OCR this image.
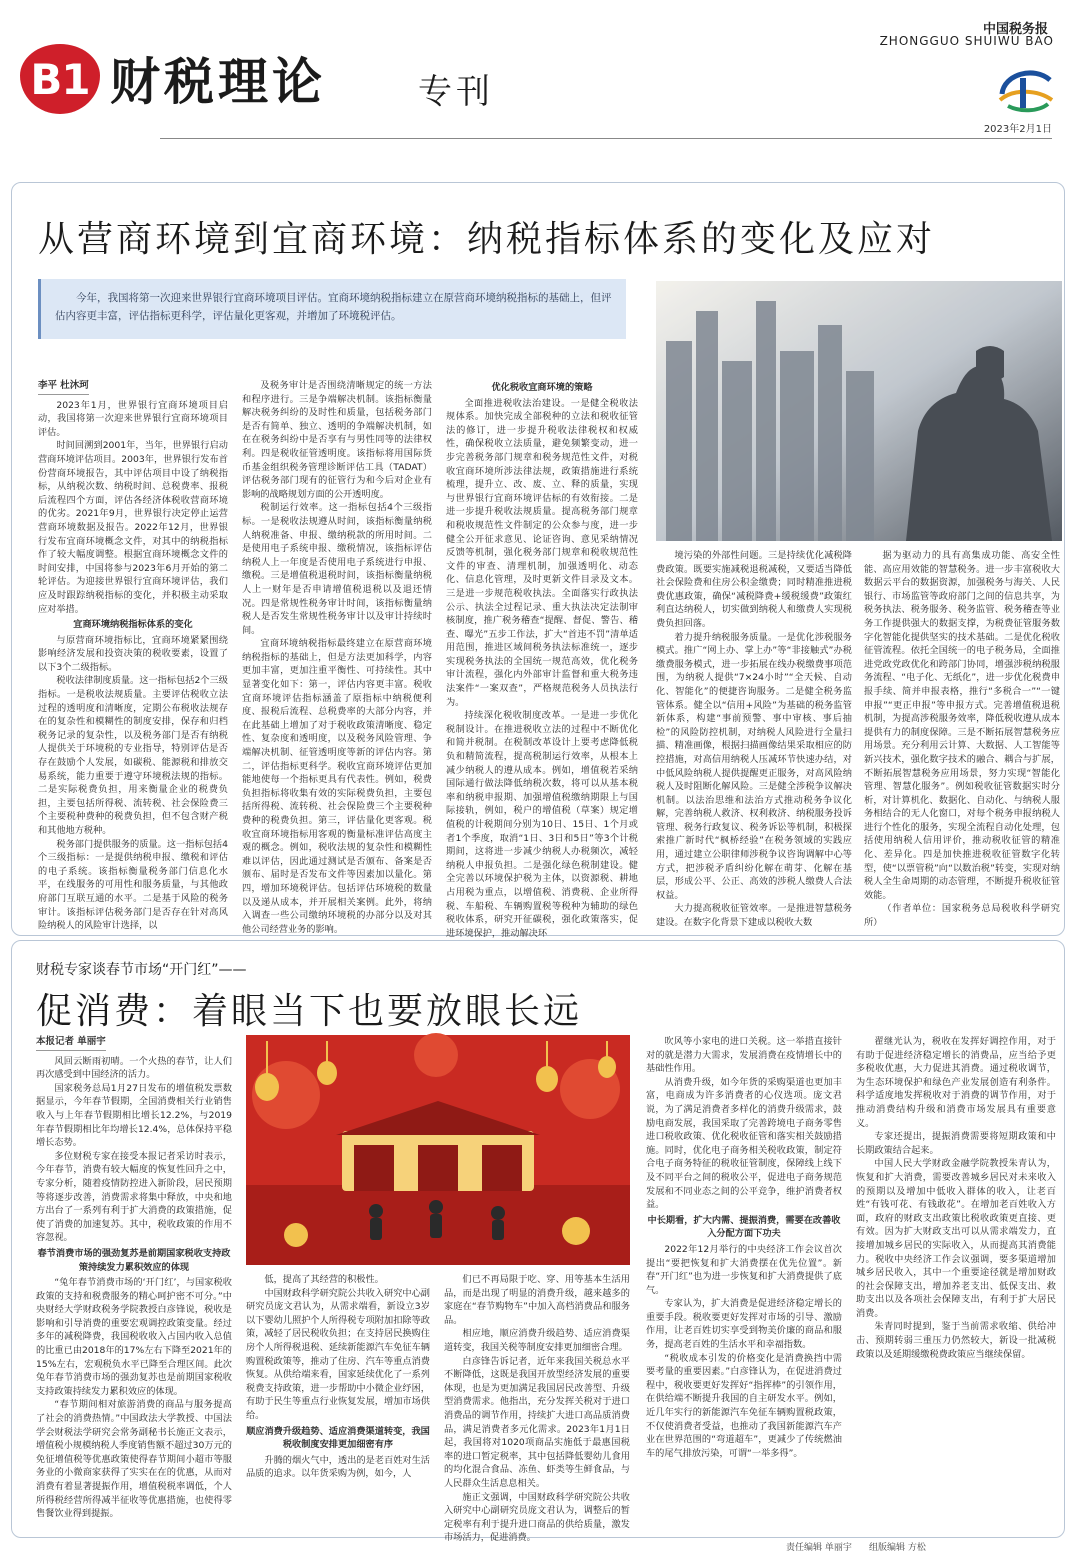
B1 财税理论	专刊
中国税务报
ZHONGGUO SHUIWU BAO
2023年2月1日
从营商环境到宜商环境：纳税指标体系的变化及应对
今年，我国将第一次迎来世界银行宜商环境项目评估。宜商环境纳税指标建立在原营商环境纳税指标的基础上，但评估内容更丰富，评估指标更科学，评估量化更客观，并增加了环境税评估。
李平 杜沐珂

2023年1月，世界银行宜商环境项目启动，我国将第一次迎来世界银行宜商环境项目评估。

时间回溯到2001年，当年，世界银行启动营商环境评估项目。2003年，世界银行发布首份营商环境报告，其中评估项目中设了纳税指标，从纳税次数、纳税时间、总税费率、报税后流程四个方面，评估各经济体税收营商环境的优劣。2021年9月，世界银行决定停止运营营商环境数据及报告。2022年12月，世界银行发布宜商环境概念文件，对其中的纳税指标作了较大幅度调整。根据宜商环境概念文件的时间安排，中国将参与2023年6月开始的第二轮评估。为迎接世界银行宜商环境评估，我们应及时跟踪纳税指标的变化，并积极主动采取应对举措。

宜商环境纳税指标体系的变化

与原营商环境指标比，宜商环境紧紧围绕影响经济发展和投资决策的税收要素，设置了以下3个二级指标。

税收法律制度质量。这一指标包括2个三级指标。一是税收法规质量。主要评估税收立法过程的透明度和清晰度，定期公布税收法规存在的复杂性和模糊性的制度安排，保存和归档税务记录的复杂性，以及税务部门是否有纳税人提供关于环境税的专业指导，特别评估是否存在鼓励个人发展，如碳税、能源税和排放交易系统，能力重要于遵守环境税法规的指标。二是实际税费负担，用来衡量企业的税费负担，主要包括所得税、流转税、社会保险费三个主要税种费种的税费负担，但不包含财产税和其他地方税种。

税务部门提供服务的质量。这一指标包括4个三级指标：一是提供纳税申报、缴税和评估的电子系统。该指标衡量税务部门信息化水平，在线服务的可用性和服务质量，与其他政府部门互联互通的水平。二是基于风险的税务审计。该指标评估税务部门是否存在针对高风险纳税人的风险审计选择，以

及税务审计是否围绕清晰规定的统一方法和程序进行。三是争端解决机制。该指标衡量解决税务纠纷的及时性和质量，包括税务部门是否有简单、独立、透明的争端解决机制，如在在税务纠纷中是否享有与男性同等的法律权利。四是税收征管透明度。该指标将用国际货币基金组织税务管理诊断评估工具（TADAT）评估税务部门现有的征管行为和今后对企业有影响的战略规划方面的公开透明度。

税制运行效率。这一指标包括4个三级指标。一是税收法规遵从时间，该指标衡量纳税人纳税准备、申报、缴纳税款的所用时间。二是使用电子系统申报、缴税情况，该指标评估纳税人上一年度是否使用电子系统进行申报、缴税。三是增值税退税时间，该指标衡量纳税人上一财年是否申请增值税退税以及退还情况。四是常规性税务审计时间，该指标衡量纳税人是否发生常规性税务审计以及审计持续时间。

宜商环境纳税指标最终建立在原营商环境纳税指标的基础上，但是方法更加科学，内容更加丰富，更加注重平衡性、可持续性。其中显著变化如下：第一，评估内容更丰富。税收宜商环境评估指标涵盖了原指标中纳税便利度、报税后流程、总税费率的大部分内容，并在此基础上增加了对于税收政策清晰度、稳定性、复杂度和透明度，以及税务风险管理、争端解决机制、征管透明度等新的评估内容。第二，评估指标更科学。税收宜商环境评估更加能地使每一个指标更具有代表性。例如，税费负担指标将收集有效的实际税费负担，主要包括所得税、流转税、社会保险费三个主要税种费种的税费负担。第三，评估量化更客观。税收宜商环境指标用客观的衡量标准评估高度主观的概念。例如，税收法规的复杂性和模糊性难以评估，因此通过测试是否颁布、备案是否颁布、届时是否发布文件等因素加以量化。第四，增加环境税评估。包括评估环境税的数量以及递从成本，并开展相关案例。此外，将纳入调查一些公司缴纳环境税的办部分以及对其他公司经营业务的影响。

优化税收宜商环境的策略

全面推进税收法治建设。一是健全税收法规体系。加快完成全部税种的立法和税收征管法的修订，进一步提升税收法律税权和权威性，确保税收立法质量，避免频繁变动，进一步完善税务部门规章和税务规范性文件，对税收宜商环境所涉法律法规，政策措施进行系统梳理，提升立、改、废、立、释的质量，实现与世界银行宜商环境评估标的有效衔接。二是进一步提升税收法规质量。提高税务部门规章和税收规范性文件制定的公众参与度，进一步健全公开征求意见、论证咨询、意见采纳情况反馈等机制，强化税务部门规章和税收规范性文件的审查、清理机制，加强透明化、动态化、信息化管理，及时更新文件目录及文本。三是进一步规范税收执法。全面落实行政执法公示、执法全过程记录、重大执法决定法制审核制度，推广税务稽查“提醒、督促、警告、稽查、曝光”五步工作法，扩大“首违不罚”清单适用范围，推进区域间税务执法标准统一，逐步实现税务执法的全国统一规范高效，优化税务审计流程，强化内外部审计监督和重大税务违法案件“一案双查”，严格规范税务人员执法行为。

持续深化税收制度改革。一是进一步优化税制设计。在推进税收立法的过程中不断优化和简并税制。在税制改革设计上要考虑降低税负和精简流程，提高税制运行效率，从根本上减少纳税人的遵从成本。例如，增值税若采纳国际通行做法降低纳税次数，将可以从基本税率和纳税申报期、加强增值税缴纳期限上与国际接轨，例如，税户的增值税（草案）规定增值税的计税期间分别为10日、15日、1个月或者1个季度，取消“1日、3日和5日”等3个计税期间，这将进一步减少纳税人办税频次，减轻纳税人申报负担。二是强化绿色税制建设。健全完善以环境保护税为主体，以资源税、耕地占用税为重点，以增值税、消费税、企业所得税、车船税、车辆购置税等税种为辅助的绿色税收体系，研究开征碳税，强化政策落实，促进环境保护，推动解决环

境污染的外部性问题。三是持续优化减税降费政策。既要实施减税退税减税，又要适当降低社会保险费和住房公积金缴费；同时精准推进税费优惠政策，确保“减税降费+缓税缓费”政策红利直达纳税人，切实做到纳税人和缴费人实现税费负担回落。

着力提升纳税服务质量。一是优化涉税服务模式。推广“网上办、掌上办”等“非接触式”办税缴费服务模式，进一步拓展在线办税缴费事项范围，为纳税人提供“7×24小时”“全天候、自动化、智能化”的便捷咨询服务。二是健全税务监管体系。健全以“信用+风险”为基础的税务监管新体系，构建“事前预警、事中审核、事后抽检”的风险防控机制，对纳税人风险进行全量扫描、精准画像，根据扫描画像结果采取相应的防控措施，对高信用纳税人压减环节快速办结，对中低风险纳税人提供提醒更正服务，对高风险纳税人及时阻断化解风险。三是健全涉税争议解决机制。以法治思维和法治方式推动税务争议化解，完善纳税人救济、权利救济、纳税服务投诉管理、税务行政复议、税务诉讼等机制，积极探索推广新时代“枫桥经验”在税务领域的实践应用，通过建立公职律师涉税争议咨询调解中心等方式，把涉税矛盾纠纷化解在萌芽、化解在基层，形成公平、公正、高效的涉税人缴费人合法权益。

大力提高税收征管效率。一是推进智慧税务建设。在数字化背景下建成以税收大数

据为驱动力的具有高集成功能、高安全性能、高应用效能的智慧税务。进一步丰富税收大数据云平台的数据资源，加强税务与海关、人民银行、市场监管等政府部门之间的信息共享，为税务执法、税务服务、税务监管、税务稽查等业务工作提供强大的数据支撑，为税费征管服务数字化智能化提供坚实的技术基础。二是优化税收征管流程。依托全国统一的电子税务局，全面推进党政党政优化和跨部门协同，增强涉税纳税服务流程、“电子化、无纸化”，进一步优化税费申报手续、简并申报表格，推行“多税合一”“一键申报”“更正申报”等申报方式。完善增值税退税机制，为提高涉税服务效率，降低税收遵从成本提供有力的制度保障。三是不断拓展智慧税务应用场景。充分利用云计算、大数据、人工智能等新兴技术，强化数字技术的融合、耦合与扩展，不断拓展智慧税务应用场景，努力实现“智能化管理、智慧化服务”。例如税收征管数据实时分析，对计算机化、数据化、自动化、与纳税人服务相结合的无人化窗口，对每个税务申报纳税人进行个性化的服务，实现全流程自动化处理，包括使用纳税人信用评价，推动税收征管的精准化、差异化。四是加快推进税收征管数字化转型，使“以票管税”向“以数治税”转变，实现对纳税人全生命周期的动态管理，不断提升税收征管效能。

（作者单位：国家税务总局税收科学研究所）

财税专家谈春节市场“开门红”——
促消费：着眼当下也要放眼长远
本报记者 单丽宇

风回云断雨初晴。一个火热的春节，让人们再次感受到中国经济的活力。

国家税务总局1月27日发布的增值税发票数据显示，今年春节假期，全国消费相关行业销售收入与上年春节假期相比增长12.2%，与2019年春节假期相比年均增长12.4%，总体保持平稳增长态势。

多位财税专家在接受本报记者采访时表示，今年春节，消费有较大幅度的恢复性回升之中，专家分析，随着疫情防控进入新阶段，居民预期等将逐步改善，消费需求将集中释放，中央和地方出台了一系列有利于扩大消费的政策措施，促使了消费的加速复苏。其中，税收政策的作用不容忽视。

春节消费市场的强劲复苏是前期国家税收支持政策持续发力累积效应的体现

“兔年春节消费市场的‘开门红’，与国家税收政策的支持和税费服务的精心呵护密不可分。”中央财经大学财政税务学院教授白彦锋说，税收是影响和引导消费的重要宏观调控政策变量。经过多年的减税降费，我国税收收入占国内收入总值的比重已由2018年的17%左右下降至2021年的15%左右，宏观税负水平已降至合理区间。此次兔年春节消费市场的强劲复苏也是前期国家税收支持政策持续发力累积效应的体现。

“春节期间相对旅游消费的商品与服务提高了社会的消费热情。”中国政法大学教授、中国法学会财税法学研究会常务副秘书长施正文表示，增值税小规模纳税人季度销售额不超过30万元的免征增值税等优惠政策使得春节期间小超市等服务业的小微商家获得了实实在在的优惠，从而对消费有着显著提振作用，增值税税率调低，个人所得税经营所得减半征收等优惠措施，也使得零售餐饮业得到提振。

低，提高了其经营的积极性。

中国财政科学研究院公共收入研究中心副研究员庞文君认为，从需求端看，新设立3岁以下婴幼儿照护个人所得税专项附加扣除等政策，减轻了居民税收负担；在支持居民换购住房个人所得税退税、延续新能源汽车免征车辆购置税政策等，推动了住房、汽车等重点消费恢复。从供给端来看，国家延续优化了一系列税费支持政策，进一步帮助中小微企业纾困，有助于民生等重点行业恢复发展，增加市场供给。

顺应消费升级趋势、适应消费渠道转变，我国税收制度安排更加细密有序

升腾的烟火气中，透出的是老百姓对生活品质的追求。以年货采购为例，如今，人

们已不再局限于吃、穿、用等基本生活用品，而是出现了明显的消费升级，越来越多的家庭在“春节购物车”中加入高档消费品和服务品。

相应地，顺应消费升级趋势、适应消费渠道转变，我国关税等制度安排更加细密合理。

白彦锋告诉记者，近年来我国关税总水平不断降低，这既是我国开放型经济发展的重要体现，也是为更加满足我国居民改善型、升级型消费需求。他指出，充分发挥关税对于进口消费品的调节作用，持续扩大进口高品质消费品，满足消费者多元化需求。2023年1月1日起，我国将对1020项商品实施低于最惠国税率的进口暂定税率，其中包括降低婴幼儿食用的均化混合食品、冻鱼、虾类等生鲜食品，与人民群众生活息息相关。

施正文强调，中国财政科学研究院公共收入研究中心副研究员庞文君认为，调整后的暂定税率有利于提升进口商品的供给质量，激发市场活力，促进消费。

吹风等小家电的进口关税。这一举措直接针对的就是潜力大需求，发展消费在疫情增长中的基础性作用。

从消费升级，如今年货的采购渠道也更加丰富，电商成为许多消费者的心仪选项。庞文君说，为了满足消费者多样化的消费升级需求，鼓励电商发展，我国采取了完善跨境电子商务零售进口税收政策、优化税收征管和落实相关鼓励措施。同时，优化电子商务相关税收政策，制定符合电子商务特征的税收征管制度，保障线上线下及不同平台之间的税收公平，促进电子商务规范发展和不同业态之间的公平竞争，维护消费者权益。

中长期看，扩大内需、提振消费，需要在改善收入分配方面下功夫

2022年12月举行的中央经济工作会议首次提出“要把恢复和扩大消费摆在优先位置”。新春“开门红”也为进一步恢复和扩大消费提供了底气。

专家认为，扩大消费是促进经济稳定增长的重要手段。税收要更好发挥对市场的引导、激励作用，让老百姓切实享受到物美价廉的商品和服务，提高老百姓的生活水平和幸福指数。

“税收成本引发的价格变化是消费换挡中需要考量的重要因素。”白彦锋认为，在促进消费过程中，税收要更好发挥好“指挥棒”的引领作用，在供给端不断提升我国的自主研发水平。例如，近几年实行的新能源汽车免征车辆购置税政策，不仅使消费者受益，也推动了我国新能源汽车产业在世界范围的“弯道超车”，更减少了传统燃油车的尾气排放污染，可谓“一举多得”。

翟继光认为，税收在发挥好调控作用，对于有助于促进经济稳定增长的消费品，应当给予更多税收优惠，大力促进其消费。通过税收调节，为生态环境保护和绿色产业发展创造有利条件。科学适度地发挥税收对于消费的调节作用，对于推动消费结构升级和消费市场发展具有重要意义。

专家还提出，提振消费需要将短期政策和中长期政策结合起来。

中国人民大学财政金融学院教授朱青认为，恢复和扩大消费，需要改善城乡居民对未来收入的预期以及增加中低收入群体的收入，让老百姓“有钱可花、有钱敢花”。在增加老百姓收入方面，政府的财政支出政策比税收政策更直接、更有效。因为扩大财政支出可以从需求端发力，直接增加城乡居民的实际收入，从而提高其消费能力。税收中央经济工作会议强调，要多渠道增加城乡居民收入，其中一个重要途径就是增加财政的社会保障支出，增加养老支出、低保支出、救助支出以及各项社会保障支出，有利于扩大居民消费。

朱青同时提到，鉴于当前需求收缩、供给冲击、预期转弱三重压力仍然较大，新设一批减税政策以及延期缓缴税费政策应当继续保留。

责任编辑 单丽宇 组版编辑 方松
